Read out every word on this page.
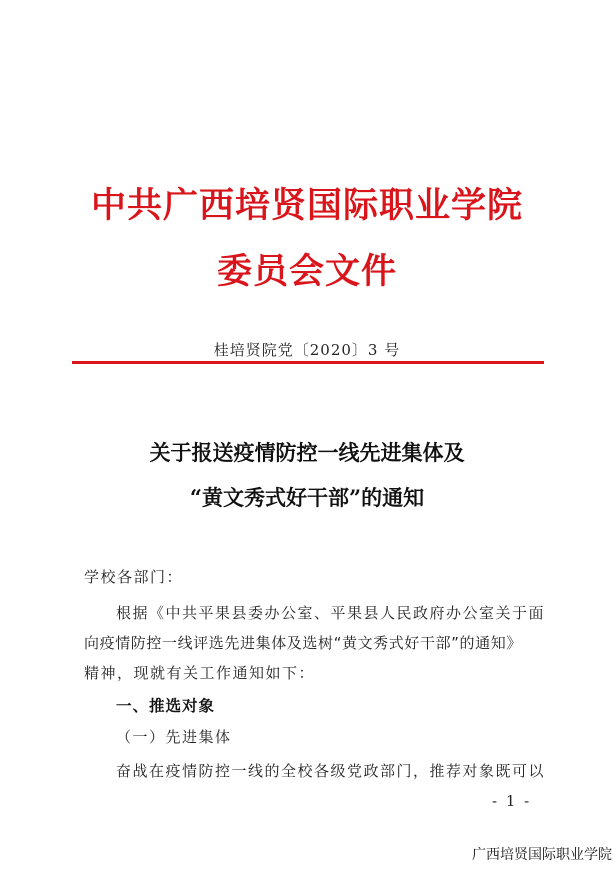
中共广西培贤国际职业学院
委员会文件
桂培贤院党〔2020〕3 号
关于报送疫情防控一线先进集体及
“黄文秀式好干部”的通知
学校各部门：
根据《中共平果县委办公室、平果县人民政府办公室关于面
向疫情防控一线评选先进集体及选树“黄文秀式好干部”的通知》
精神，现就有关工作通知如下：
一、推选对象
（一）先进集体
奋战在疫情防控一线的全校各级党政部门，推荐对象既可以
- 1 -
广西培贤国际职业学院
